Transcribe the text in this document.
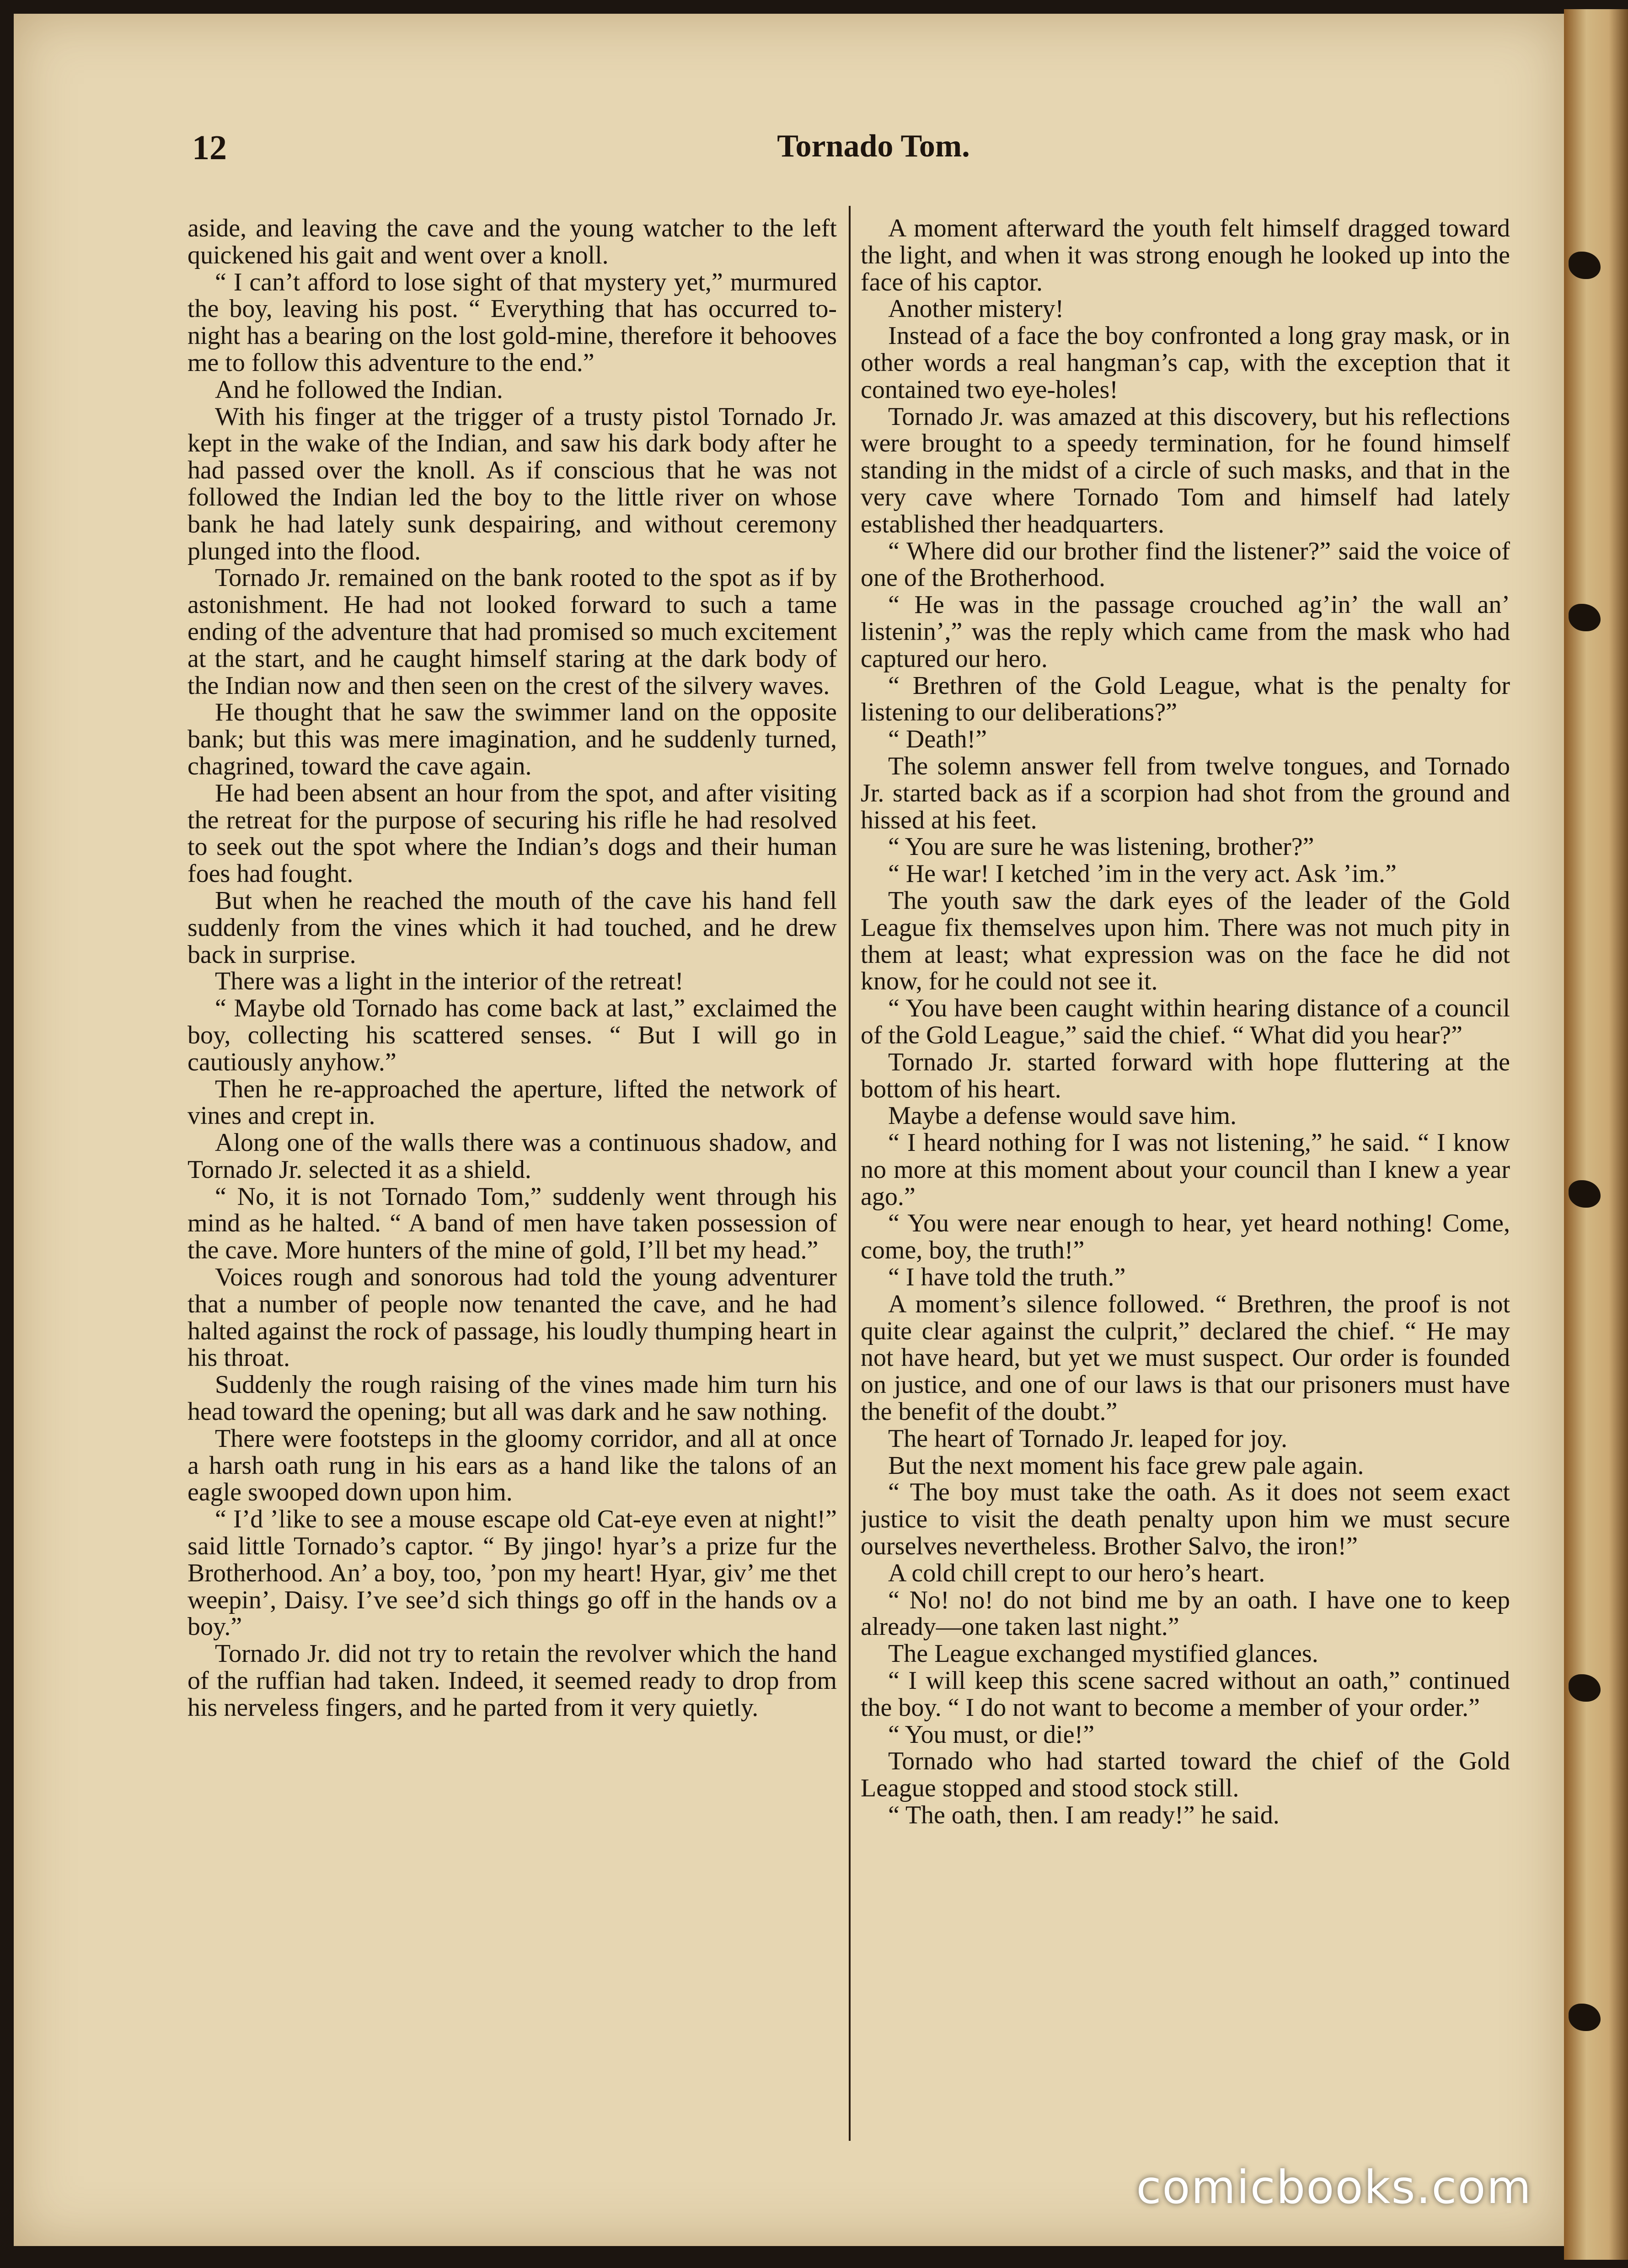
12	Tornado Tom.

aside, and leaving the cave and the young watcher to the left quickened his gait and went over a knoll.

“ I can’t afford to lose sight of that mystery yet,” murmured the boy, leaving his post. “ Everything that has occurred to-night has a bearing on the lost gold-mine, therefore it behooves me to follow this adventure to the end.”

And he followed the Indian.

With his finger at the trigger of a trusty pistol Tornado Jr. kept in the wake of the Indian, and saw his dark body after he had passed over the knoll. As if conscious that he was not followed the Indian led the boy to the little river on whose bank he had lately sunk despairing, and without ceremony plunged into the flood.

Tornado Jr. remained on the bank rooted to the spot as if by astonishment. He had not looked forward to such a tame ending of the adventure that had promised so much excitement at the start, and he caught himself staring at the dark body of the Indian now and then seen on the crest of the silvery waves.

He thought that he saw the swimmer land on the opposite bank; but this was mere imagination, and he suddenly turned, chagrined, toward the cave again.

He had been absent an hour from the spot, and after visiting the retreat for the purpose of securing his rifle he had resolved to seek out the spot where the Indian’s dogs and their human foes had fought.

But when he reached the mouth of the cave his hand fell suddenly from the vines which it had touched, and he drew back in surprise.

There was a light in the interior of the retreat!

“ Maybe old Tornado has come back at last,” exclaimed the boy, collecting his scattered senses. “ But I will go in cautiously anyhow.”

Then he re-approached the aperture, lifted the network of vines and crept in.

Along one of the walls there was a continuous shadow, and Tornado Jr. selected it as a shield.

“ No, it is not Tornado Tom,” suddenly went through his mind as he halted. “ A band of men have taken possession of the cave. More hunters of the mine of gold, I’ll bet my head.”

Voices rough and sonorous had told the young adventurer that a number of people now tenanted the cave, and he had halted against the rock of passage, his loudly thumping heart in his throat.

Suddenly the rough raising of the vines made him turn his head toward the opening; but all was dark and he saw nothing.

There were footsteps in the gloomy corridor, and all at once a harsh oath rung in his ears as a hand like the talons of an eagle swooped down upon him.

“ I’d ’like to see a mouse escape old Cat-eye even at night!” said little Tornado’s captor. “ By jingo! hyar’s a prize fur the Brotherhood. An’ a boy, too, ’pon my heart! Hyar, giv’ me thet weepin’, Daisy. I’ve see’d sich things go off in the hands ov a boy.”

Tornado Jr. did not try to retain the revolver which the hand of the ruffian had taken. Indeed, it seemed ready to drop from his nerveless fingers, and he parted from it very quietly.

A moment afterward the youth felt himself dragged toward the light, and when it was strong enough he looked up into the face of his captor.

Another mistery!

Instead of a face the boy confronted a long gray mask, or in other words a real hangman’s cap, with the exception that it contained two eye-holes!

Tornado Jr. was amazed at this discovery, but his reflections were brought to a speedy termination, for he found himself standing in the midst of a circle of such masks, and that in the very cave where Tornado Tom and himself had lately established ther headquarters.

“ Where did our brother find the listener?” said the voice of one of the Brotherhood.

“ He was in the passage crouched ag’in’ the wall an’ listenin’,” was the reply which came from the mask who had captured our hero.

“ Brethren of the Gold League, what is the penalty for listening to our deliberations?”

“ Death!”

The solemn answer fell from twelve tongues, and Tornado Jr. started back as if a scorpion had shot from the ground and hissed at his feet.

“ You are sure he was listening, brother?”

“ He war! I ketched ’im in the very act. Ask ’im.”

The youth saw the dark eyes of the leader of the Gold League fix themselves upon him. There was not much pity in them at least; what expression was on the face he did not know, for he could not see it.

“ You have been caught within hearing distance of a council of the Gold League,” said the chief. “ What did you hear?”

Tornado Jr. started forward with hope fluttering at the bottom of his heart.

Maybe a defense would save him.

“ I heard nothing for I was not listening,” he said. “ I know no more at this moment about your council than I knew a year ago.”

“ You were near enough to hear, yet heard nothing! Come, come, boy, the truth!”

“ I have told the truth.”

A moment’s silence followed. “ Brethren, the proof is not quite clear against the culprit,” declared the chief. “ He may not have heard, but yet we must suspect. Our order is founded on justice, and one of our laws is that our prisoners must have the benefit of the doubt.”

The heart of Tornado Jr. leaped for joy.

But the next moment his face grew pale again.

“ The boy must take the oath. As it does not seem exact justice to visit the death penalty upon him we must secure ourselves nevertheless. Brother Salvo, the iron!”

A cold chill crept to our hero’s heart.

“ No! no! do not bind me by an oath. I have one to keep already—one taken last night.”

The League exchanged mystified glances.

“ I will keep this scene sacred without an oath,” continued the boy. “ I do not want to become a member of your order.”

“ You must, or die!”

Tornado who had started toward the chief of the Gold League stopped and stood stock still.

“ The oath, then. I am ready!” he said.

comicbooks.com
